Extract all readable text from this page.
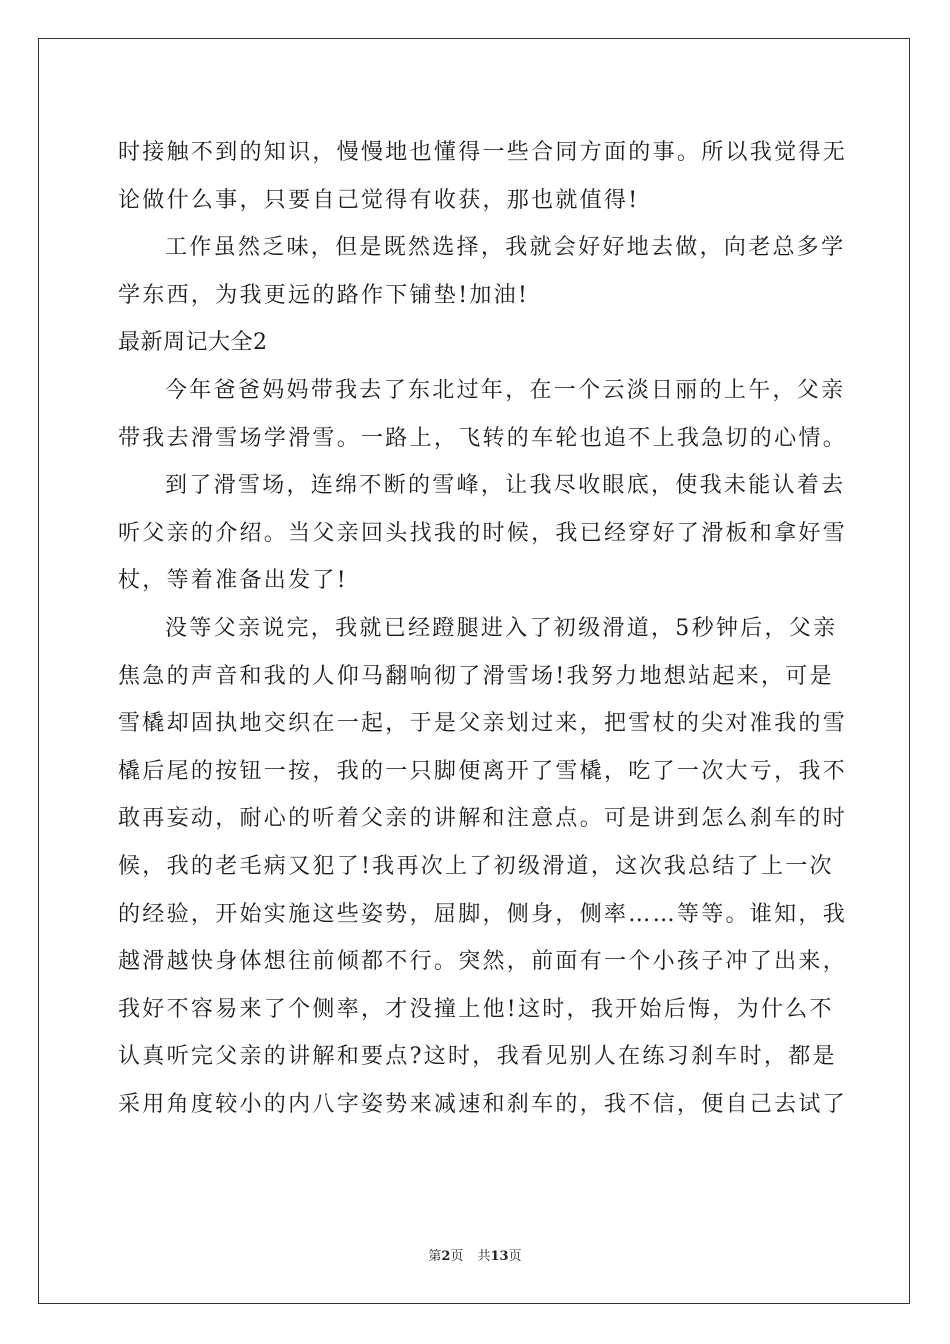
时接触不到的知识，慢慢地也懂得一些合同方面的事。所以我觉得无
论做什么事，只要自己觉得有收获，那也就值得!
工作虽然乏味，但是既然选择，我就会好好地去做，向老总多学
学东西，为我更远的路作下铺垫!加油!
最新周记大全2
今年爸爸妈妈带我去了东北过年，在一个云淡日丽的上午，父亲
带我去滑雪场学滑雪。一路上，飞转的车轮也追不上我急切的心情。
到了滑雪场，连绵不断的雪峰，让我尽收眼底，使我未能认着去
听父亲的介绍。当父亲回头找我的时候，我已经穿好了滑板和拿好雪
杖，等着准备出发了!
没等父亲说完，我就已经蹬腿进入了初级滑道，5秒钟后，父亲
焦急的声音和我的人仰马翻响彻了滑雪场!我努力地想站起来，可是
雪橇却固执地交织在一起，于是父亲划过来，把雪杖的尖对准我的雪
橇后尾的按钮一按，我的一只脚便离开了雪橇，吃了一次大亏，我不
敢再妄动，耐心的听着父亲的讲解和注意点。可是讲到怎么刹车的时
候，我的老毛病又犯了!我再次上了初级滑道，这次我总结了上一次
的经验，开始实施这些姿势，屈脚，侧身，侧率……等等。谁知，我
越滑越快身体想往前倾都不行。突然，前面有一个小孩子冲了出来，
我好不容易来了个侧率，才没撞上他!这时，我开始后悔，为什么不
认真听完父亲的讲解和要点?这时，我看见别人在练习刹车时，都是
采用角度较小的内八字姿势来减速和刹车的，我不信，便自己去试了
第2页 共13页
